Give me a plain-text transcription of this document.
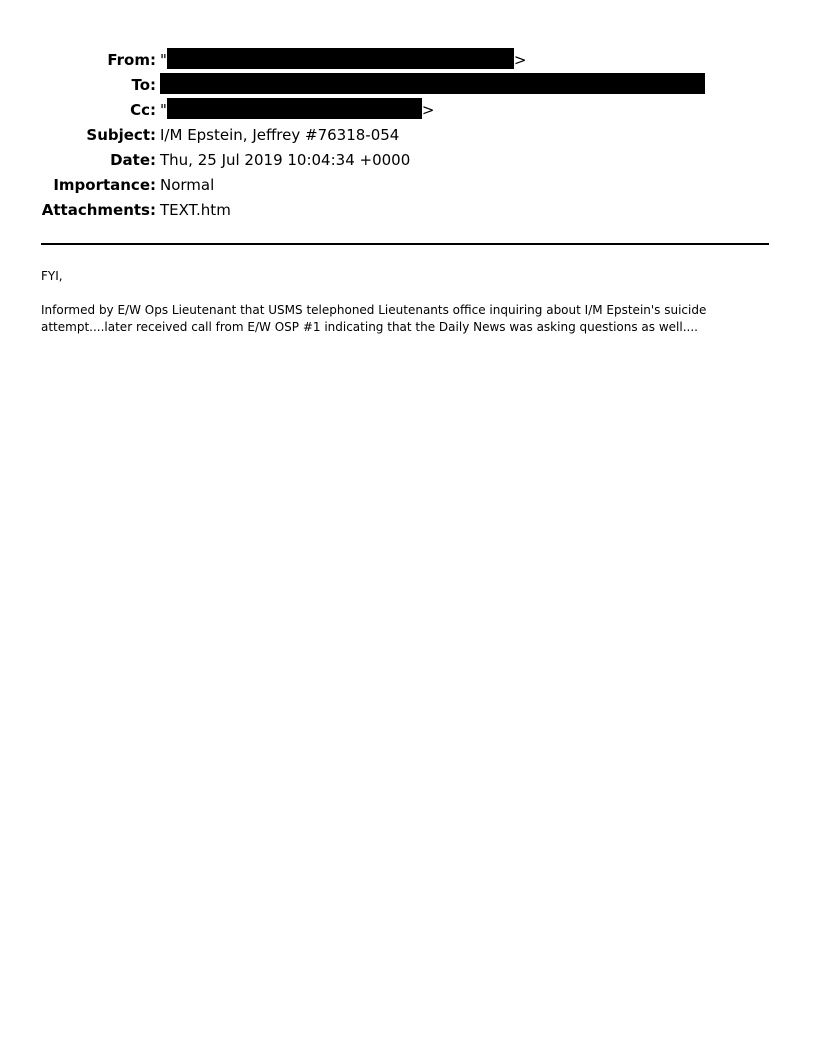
From: "	>
To:
Cc: "	>
Subject: I/M Epstein, Jeffrey #76318-054
Date: Thu, 25 Jul 2019 10:04:34 +0000
Importance: Normal
Attachments: TEXT.htm

FYI,

Informed by E/W Ops Lieutenant that USMS telephoned Lieutenants office inquiring about I/M Epstein's suicide attempt....later received call from E/W OSP #1 indicating that the Daily News was asking questions as well....
